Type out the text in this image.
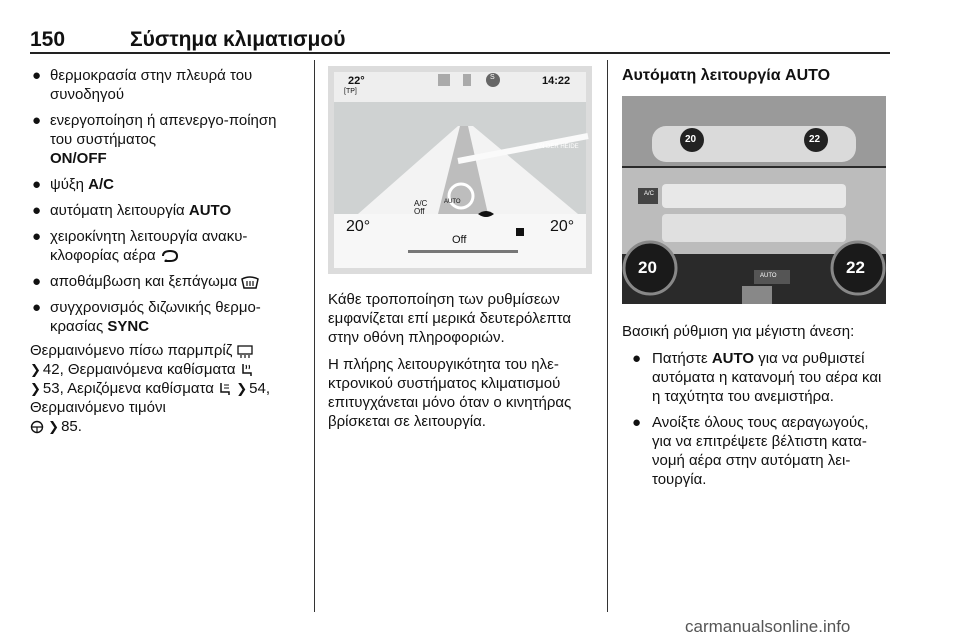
150	Σύστημα κλιματισμού
● θερμοκρασία στην πλευρά του συνοδηγού
● ενεργοποίηση ή απενεργο-ποίηση του συστήματος
ON/OFF
● ψύξη A/C
● αυτόματη λειτουργία AUTO
● χειροκίνητη λειτουργία ανακυ-κλοφορίας αέρα
● αποθάμβωση και ξεπάγωμα
● συγχρονισμός διζωνικής θερμο-κρασίας SYNC

Θερμαινόμενο πίσω παρμπρίζ
❯ 42, Θερμαινόμενα καθίσματα
❯ 53, Αεριζόμενα καθίσματα ❯ 54, Θερμαινόμενο τιμόνι
❯ 85.

22°
[TP]
14:22
S
AN DER HEIDE
20°	20°
A/C Off
AUTO
Off

Κάθε τροποποίηση των ρυθμίσεων εμφανίζεται επί μερικά δευτερόλεπτα στην οθόνη πληροφοριών.

Η πλήρης λειτουργικότητα του ηλε-κτρονικού συστήματος κλιματισμού επιτυγχάνεται μόνο όταν ο κινητήρας βρίσκεται σε λειτουργία.

Αυτόματη λειτουργία AUTO
20	22
A/C
20	22
AUTO

Βασική ρύθμιση για μέγιστη άνεση:

● Πατήστε AUTO για να ρυθμιστεί αυτόματα η κατανομή του αέρα και η ταχύτητα του ανεμιστήρα.
● Ανοίξτε όλους τους αεραγωγούς, για να επιτρέψετε βέλτιστη κατα-νομή αέρα στην αυτόματη λει-τουργία.
carmanualsonline.info
